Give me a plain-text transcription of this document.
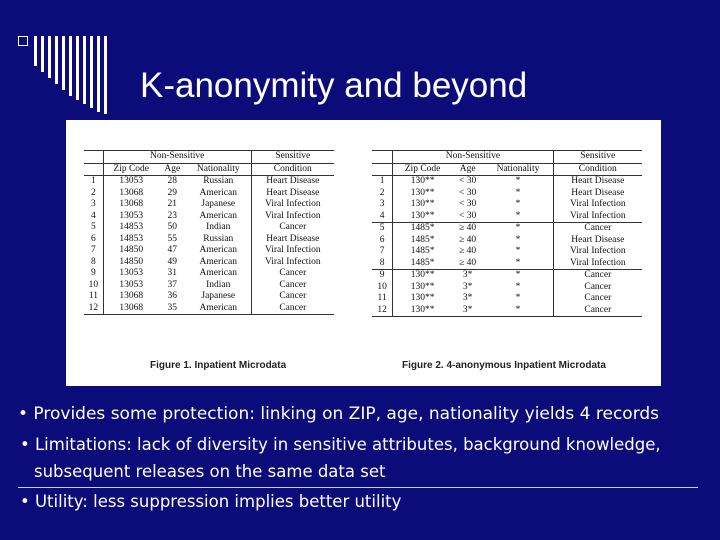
K-anonymity and beyond
	Non-Sensitive			Sensitive
	Zip Code	Age	Nationality	Condition
1	13053	28	Russian	Heart Disease
2	13068	29	American	Heart Disease
3	13068	21	Japanese	Viral Infection
4	13053	23	American	Viral Infection
5	14853	50	Indian	Cancer
6	14853	55	Russian	Heart Disease
7	14850	47	American	Viral Infection
8	14850	49	American	Viral Infection
9	13053	31	American	Cancer
10	13053	37	Indian	Cancer
11	13068	36	Japanese	Cancer
12	13068	35	American	Cancer
	Non-Sensitive			Sensitive
	Zip Code	Age	Nationality	Condition
1	130**	< 30	*	Heart Disease
2	130**	< 30	*	Heart Disease
3	130**	< 30	*	Viral Infection
4	130**	< 30	*	Viral Infection
5	1485*	≥ 40	*	Cancer
6	1485*	≥ 40	*	Heart Disease
7	1485*	≥ 40	*	Viral Infection
8	1485*	≥ 40	*	Viral Infection
9	130**	3*	*	Cancer
10	130**	3*	*	Cancer
11	130**	3*	*	Cancer
12	130**	3*	*	Cancer
Figure 1. Inpatient Microdata	Figure 2. 4-anonymous Inpatient Microdata
• Provides some protection: linking on ZIP, age, nationality yields 4 records
• Limitations: lack of diversity in sensitive attributes, background knowledge,
subsequent releases on the same data set
• Utility: less suppression implies better utility
